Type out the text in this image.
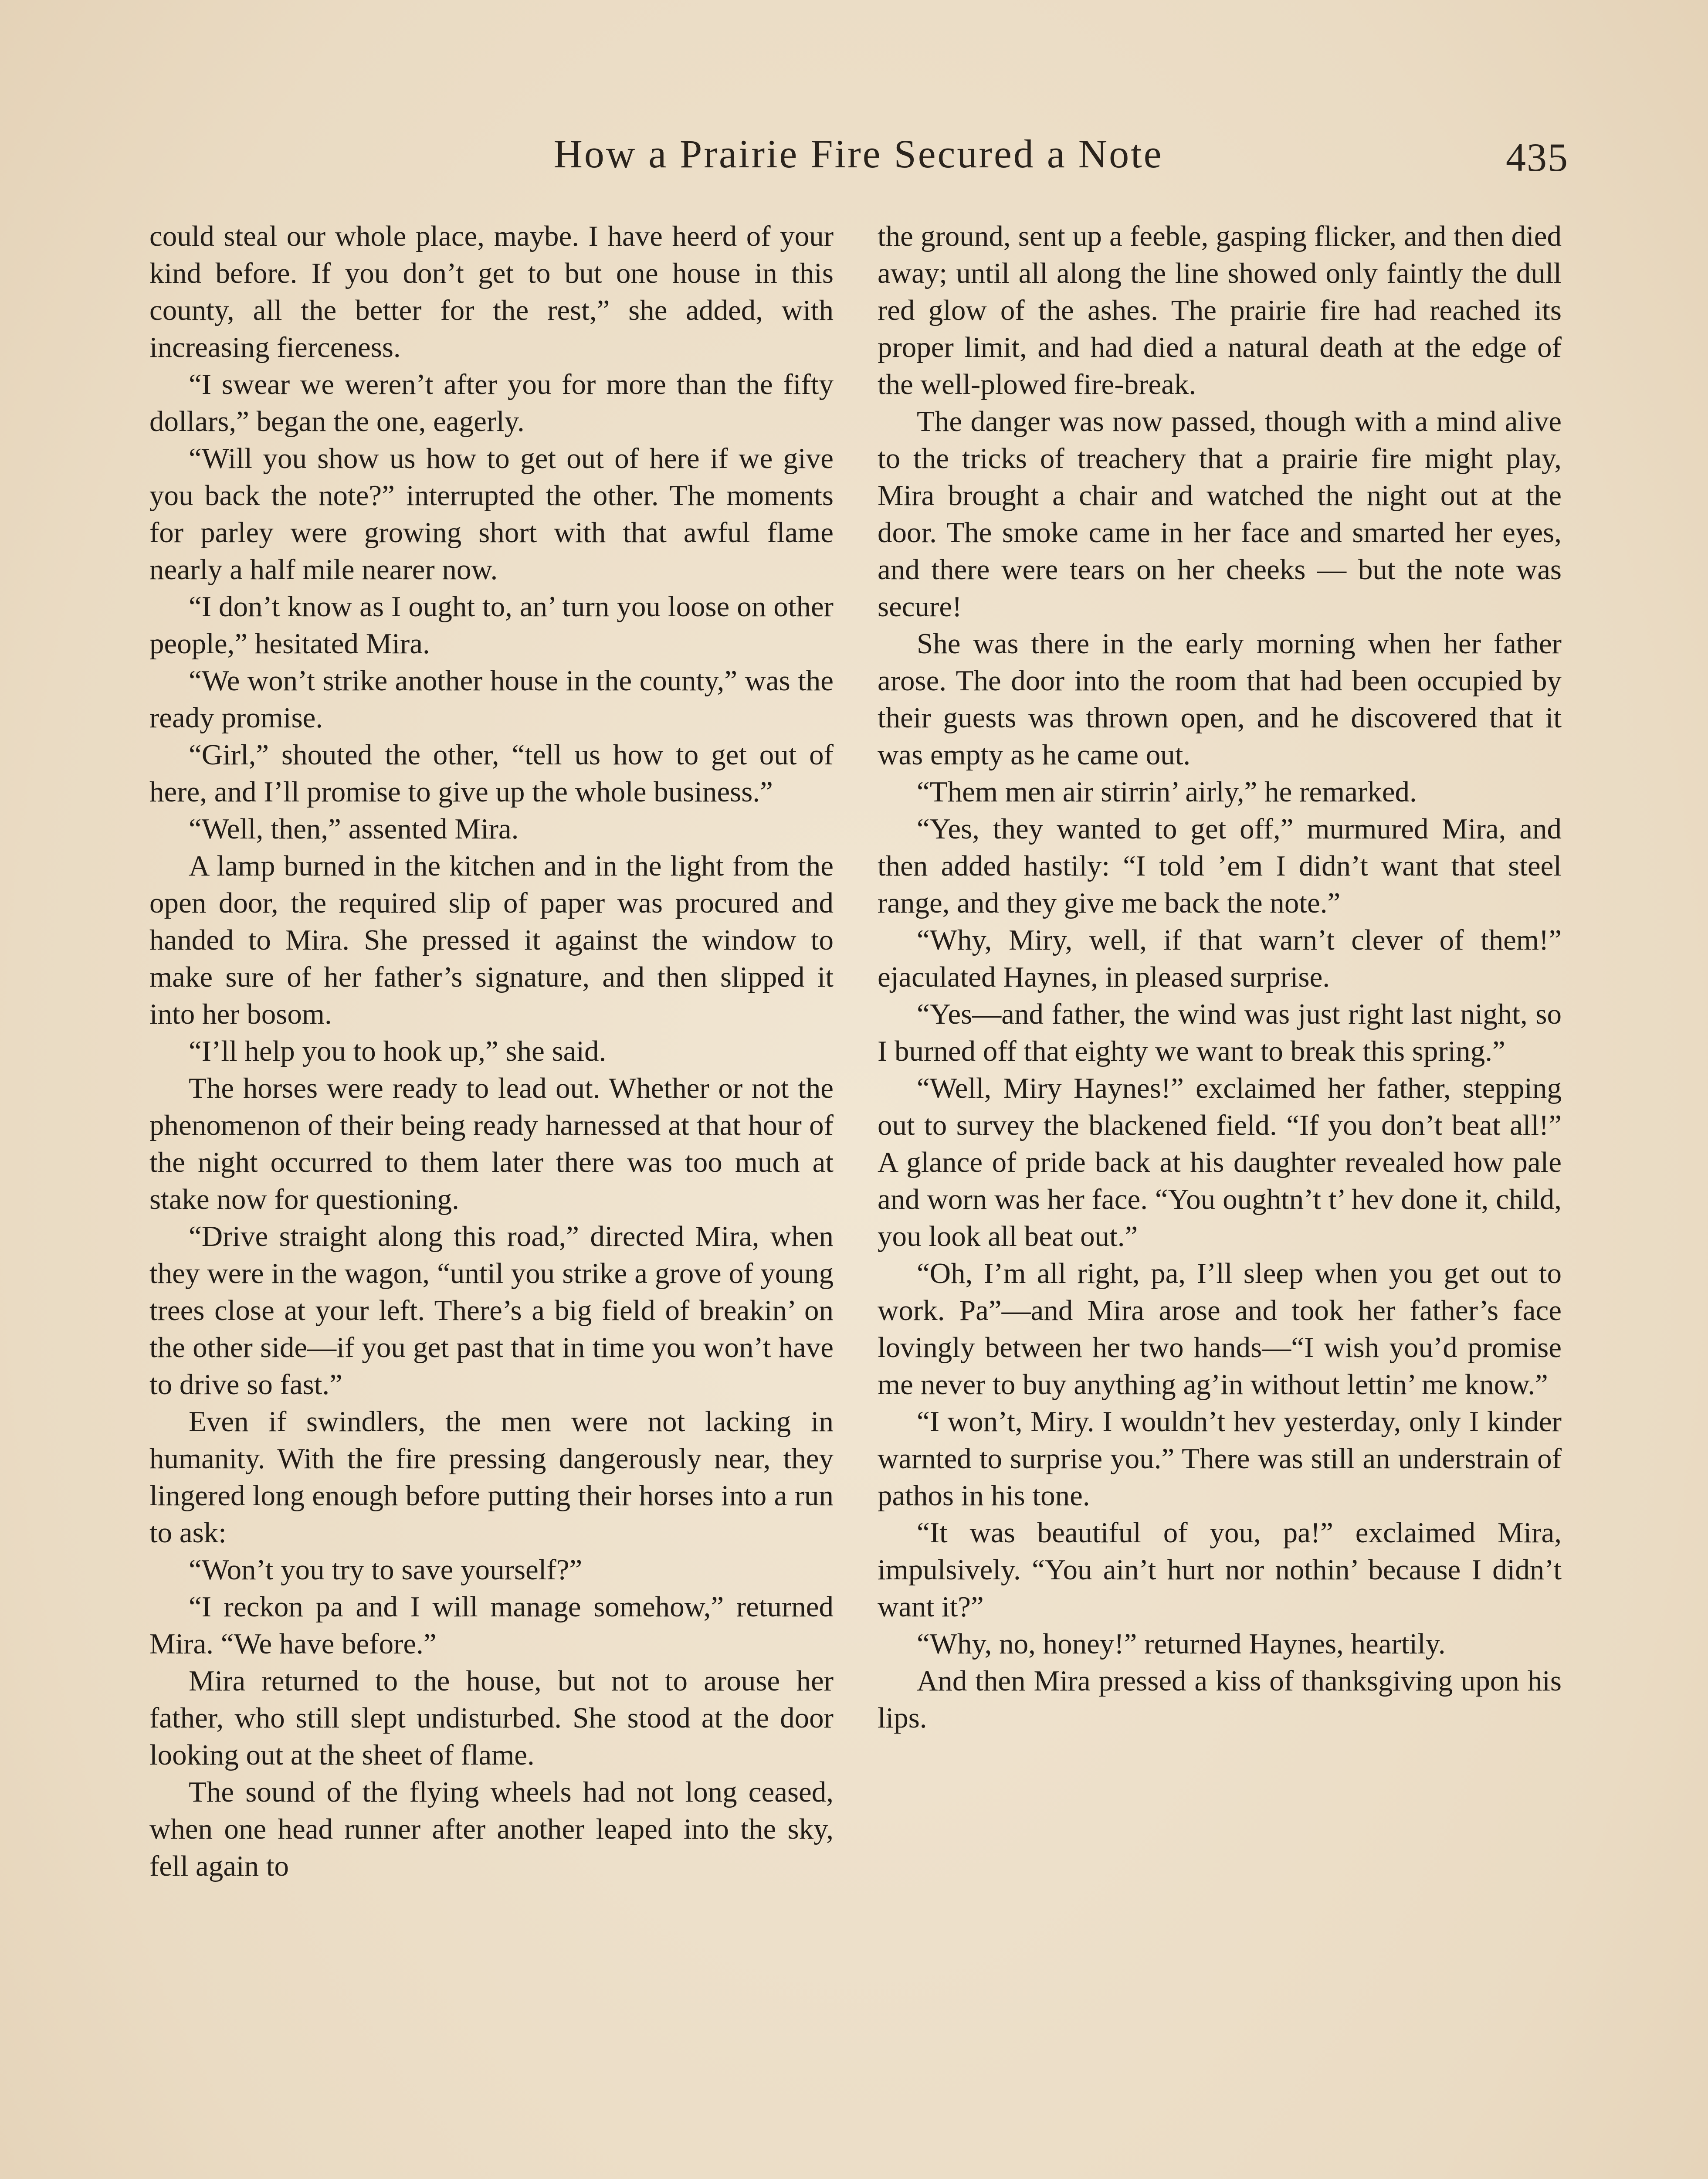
How a Prairie Fire Secured a Note	435

could steal our whole place, maybe. I have heerd of your kind before. If you don’t get to but one house in this county, all the better for the rest,” she added, with increasing fierceness.

“I swear we weren’t after you for more than the fifty dollars,” began the one, eagerly.

“Will you show us how to get out of here if we give you back the note?” interrupted the other. The moments for parley were growing short with that awful flame nearly a half mile nearer now.

“I don’t know as I ought to, an’ turn you loose on other people,” hesitated Mira.

“We won’t strike another house in the county,” was the ready promise.

“Girl,” shouted the other, “tell us how to get out of here, and I’ll promise to give up the whole business.”

“Well, then,” assented Mira.

A lamp burned in the kitchen and in the light from the open door, the required slip of paper was procured and handed to Mira. She pressed it against the window to make sure of her father’s signature, and then slipped it into her bosom.

“I’ll help you to hook up,” she said.

The horses were ready to lead out. Whether or not the phenomenon of their being ready harnessed at that hour of the night occurred to them later there was too much at stake now for questioning.

“Drive straight along this road,” directed Mira, when they were in the wagon, “until you strike a grove of young trees close at your left. There’s a big field of breakin’ on the other side—if you get past that in time you won’t have to drive so fast.”

Even if swindlers, the men were not lacking in humanity. With the fire pressing dangerously near, they lingered long enough before putting their horses into a run to ask:

“Won’t you try to save yourself?”

“I reckon pa and I will manage somehow,” returned Mira. “We have before.”

Mira returned to the house, but not to arouse her father, who still slept undisturbed. She stood at the door looking out at the sheet of flame.

The sound of the flying wheels had not long ceased, when one head runner after another leaped into the sky, fell again to

the ground, sent up a feeble, gasping flicker, and then died away; until all along the line showed only faintly the dull red glow of the ashes. The prairie fire had reached its proper limit, and had died a natural death at the edge of the well-plowed fire-break.

The danger was now passed, though with a mind alive to the tricks of treachery that a prairie fire might play, Mira brought a chair and watched the night out at the door. The smoke came in her face and smarted her eyes, and there were tears on her cheeks — but the note was secure!

She was there in the early morning when her father arose. The door into the room that had been occupied by their guests was thrown open, and he discovered that it was empty as he came out.

“Them men air stirrin’ airly,” he remarked.

“Yes, they wanted to get off,” murmured Mira, and then added hastily: “I told ’em I didn’t want that steel range, and they give me back the note.”

“Why, Miry, well, if that warn’t clever of them!” ejaculated Haynes, in pleased surprise.

“Yes—and father, the wind was just right last night, so I burned off that eighty we want to break this spring.”

“Well, Miry Haynes!” exclaimed her father, stepping out to survey the blackened field. “If you don’t beat all!” A glance of pride back at his daughter revealed how pale and worn was her face. “You oughtn’t t’ hev done it, child, you look all beat out.”

“Oh, I’m all right, pa, I’ll sleep when you get out to work. Pa”—and Mira arose and took her father’s face lovingly between her two hands—“I wish you’d promise me never to buy anything ag’in without lettin’ me know.”

“I won’t, Miry. I wouldn’t hev yesterday, only I kinder warnted to surprise you.” There was still an understrain of pathos in his tone.

“It was beautiful of you, pa!” exclaimed Mira, impulsively. “You ain’t hurt nor nothin’ because I didn’t want it?”

“Why, no, honey!” returned Haynes, heartily.

And then Mira pressed a kiss of thanksgiving upon his lips.
